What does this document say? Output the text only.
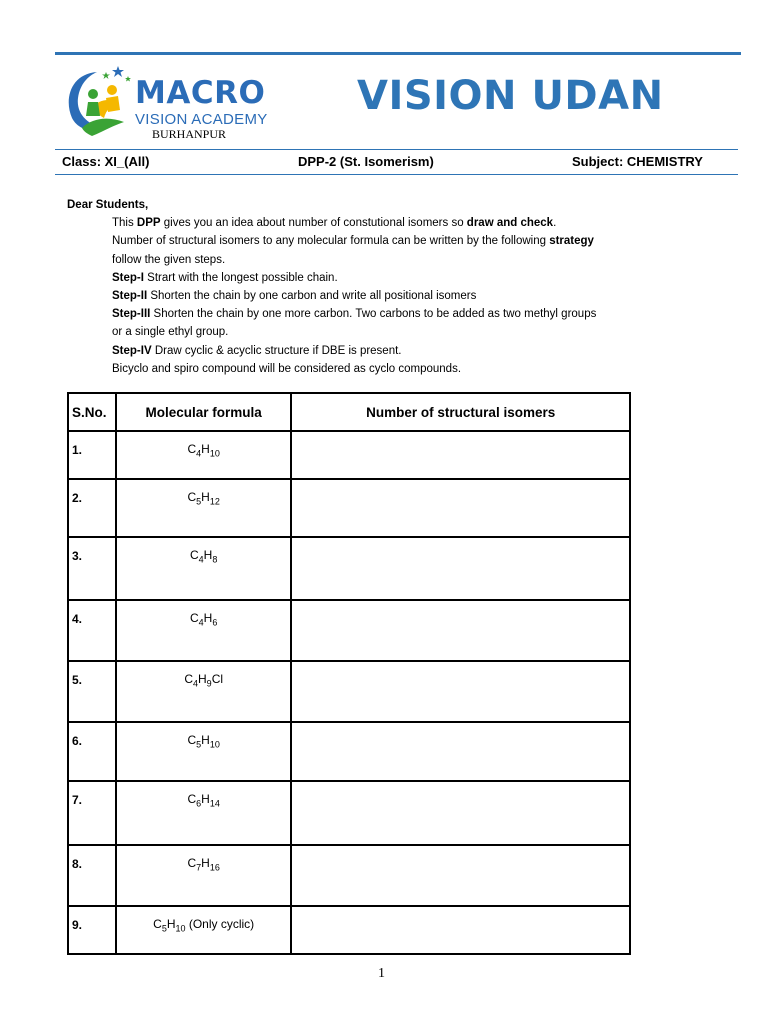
MACRO
VISION ACADEMY
BURHANPUR
VISION UDAN
Class: XI_(All)	DPP-2 (St. Isomerism)	Subject: CHEMISTRY
Dear Students,
This DPP gives you an idea about number of constutional isomers so draw and check.
Number of structural isomers to any molecular formula can be written by the following strategy
follow the given steps.
Step-I Strart with the longest possible chain.
Step-II Shorten the chain by one carbon and write all positional isomers
Step-III Shorten the chain by one more carbon. Two carbons to be added as two methyl groups
or a single ethyl group.
Step-IV Draw cyclic & acyclic structure if DBE is present.
Bicyclo and spiro compound will be considered as cyclo compounds.
S.No.	Molecular formula	Number of structural isomers
1.	$C_4H_{10}$	
2.	$C_5H_{12}$	
3.	$C_4H_8$	
4.	$C_4H_6$	
5.	$C_4H_9Cl$	
6.	$C_5H_{10}$	
7.	$C_6H_{14}$	
8.	$C_7H_{16}$	
9.	$C_5H_{10}$ (Only cyclic)	
1
